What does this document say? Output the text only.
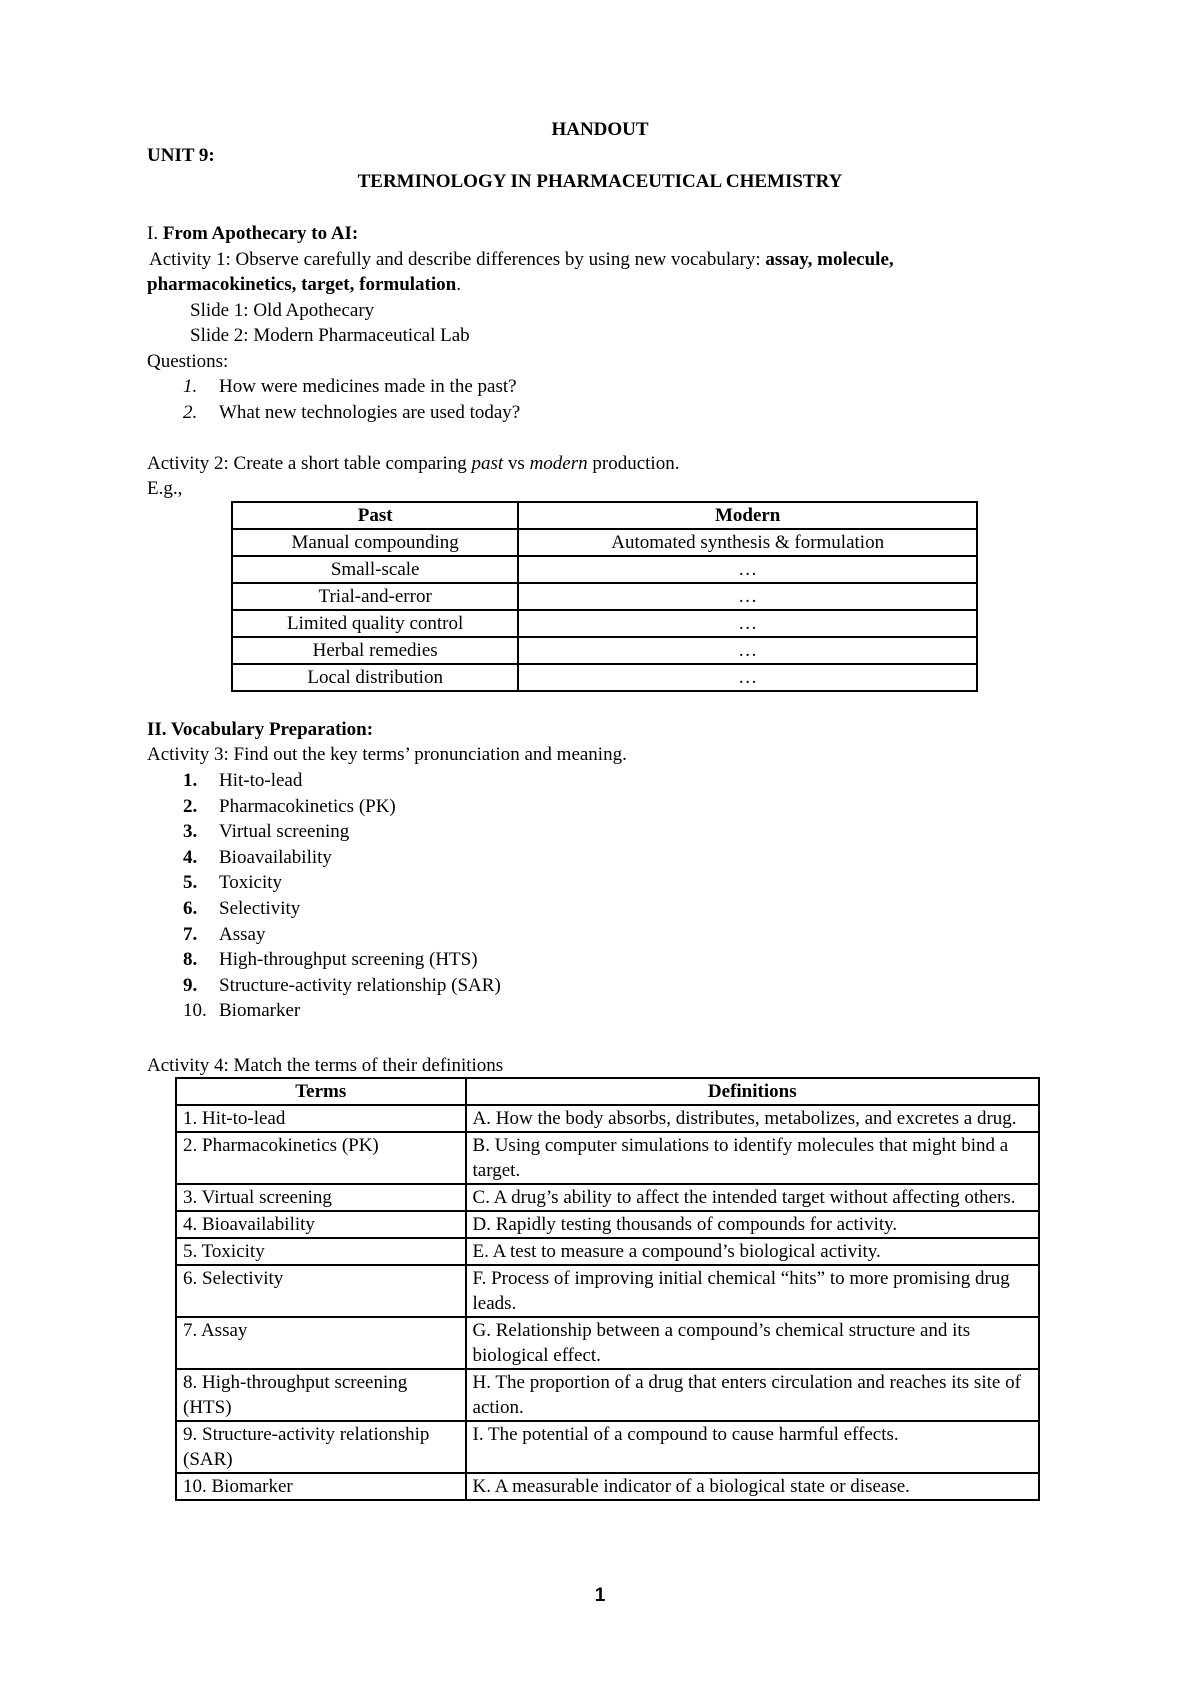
HANDOUT
UNIT 9:
TERMINOLOGY IN PHARMACEUTICAL CHEMISTRY
I. From Apothecary to AI:
Activity 1: Observe carefully and describe differences by using new vocabulary: assay, molecule,
pharmacokinetics, target, formulation.
Slide 1: Old Apothecary
Slide 2: Modern Pharmaceutical Lab
Questions:
1. How were medicines made in the past?
2. What new technologies are used today?
Activity 2: Create a short table comparing past vs modern production.
E.g.,
Past	Modern
Manual compounding	Automated synthesis & formulation
Small-scale	…
Trial-and-error	…
Limited quality control	…
Herbal remedies	…
Local distribution	…
II. Vocabulary Preparation:
Activity 3: Find out the key terms’ pronunciation and meaning.
1. Hit-to-lead
2. Pharmacokinetics (PK)
3. Virtual screening
4. Bioavailability
5. Toxicity
6. Selectivity
7. Assay
8. High-throughput screening (HTS)
9. Structure-activity relationship (SAR)
10. Biomarker
Activity 4: Match the terms of their definitions
Terms	Definitions
1. Hit-to-lead	A. How the body absorbs, distributes, metabolizes, and excretes a drug.
2. Pharmacokinetics (PK)	B. Using computer simulations to identify molecules that might bind a target.
3. Virtual screening	C. A drug’s ability to affect the intended target without affecting others.
4. Bioavailability	D. Rapidly testing thousands of compounds for activity.
5. Toxicity	E. A test to measure a compound’s biological activity.
6. Selectivity	F. Process of improving initial chemical “hits” to more promising drug leads.
7. Assay	G. Relationship between a compound’s chemical structure and its biological effect.
8. High-throughput screening (HTS)	H. The proportion of a drug that enters circulation and reaches its site of action.
9. Structure-activity relationship (SAR)	I. The potential of a compound to cause harmful effects.
10. Biomarker	K. A measurable indicator of a biological state or disease.
1
